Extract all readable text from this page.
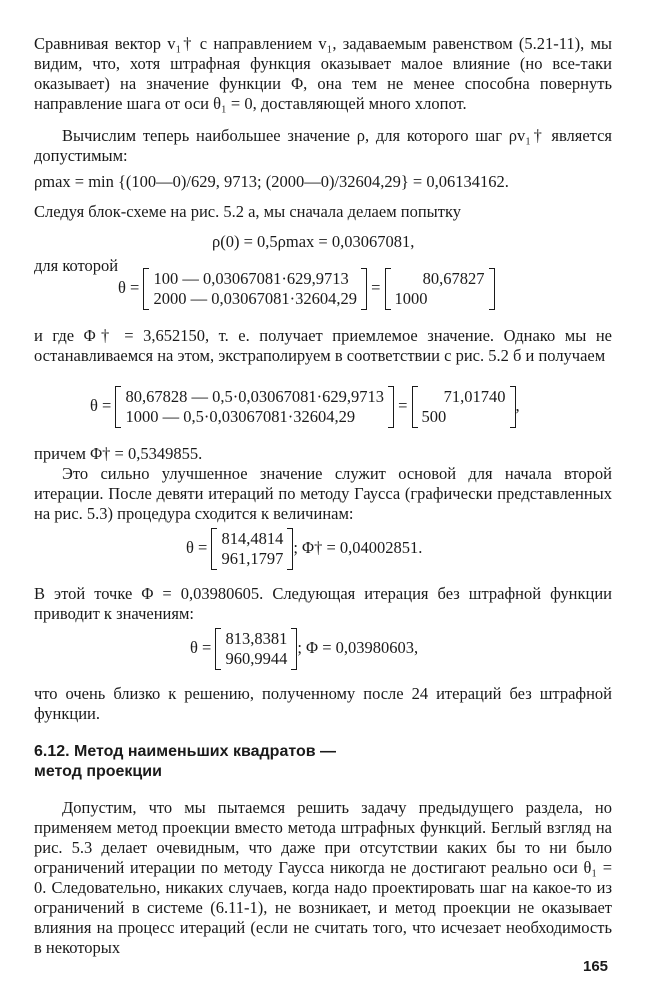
Сравнивая вектор v₁† с направлением v₁, задаваемым равенством (5.21-11), мы видим, что, хотя штрафная функция оказывает малое влияние (но все-таки оказывает) на значение функции Φ, она тем не менее способна повернуть направление шага от оси θ₁ = 0, доставляющей много хлопот.

Вычислим теперь наибольшее значение ρ, для которого шаг ρv₁† является допустимым:

ρmax = min {(100—0)/629, 9713; (2000—0)/32604,29} = 0,06134162.

Следуя блок-схеме на рис. 5.2 а, мы сначала делаем попытку

ρ(0) = 0,5ρmax = 0,03067081,

для которой

θ = 100 — 0,03067081·629,9713
2000 — 0,03067081·32604,29
=	80,67827
1000

и где Φ† = 3,652150, т. е. получает приемлемое значение. Однако мы не останавливаемся на этом, экстраполируем в соответствии с рис. 5.2 б и получаем

θ = 80,67828 — 0,5·0,03067081·629,9713
1000 — 0,5·0,03067081·32604,29
=	71,01740
500
,

причем Φ† = 0,5349855.

Это сильно улучшенное значение служит основой для начала второй итерации. После девяти итераций по методу Гаусса (графически представленных на рис. 5.3) процедура сходится к величинам:

θ = 814,4814
961,1797
; Φ† = 0,04002851.

В этой точке Φ = 0,03980605. Следующая итерация без штрафной функции приводит к значениям:

θ = 813,8381
960,9944
; Φ = 0,03980603,

что очень близко к решению, полученному после 24 итераций без штрафной функции.

6.12. Метод наименьших квадратов —
метод проекции

Допустим, что мы пытаемся решить задачу предыдущего раздела, но применяем метод проекции вместо метода штрафных функций. Беглый взгляд на рис. 5.3 делает очевидным, что даже при отсутствии каких бы то ни было ограничений итерации по методу Гаусса никогда не достигают реально оси θ₁ = 0. Следовательно, никаких случаев, когда надо проектировать шаг на какое-то из ограничений в системе (6.11-1), не возникает, и метод проекции не оказывает влияния на процесс итераций (если не считать того, что исчезает необходимость в некоторых

165
